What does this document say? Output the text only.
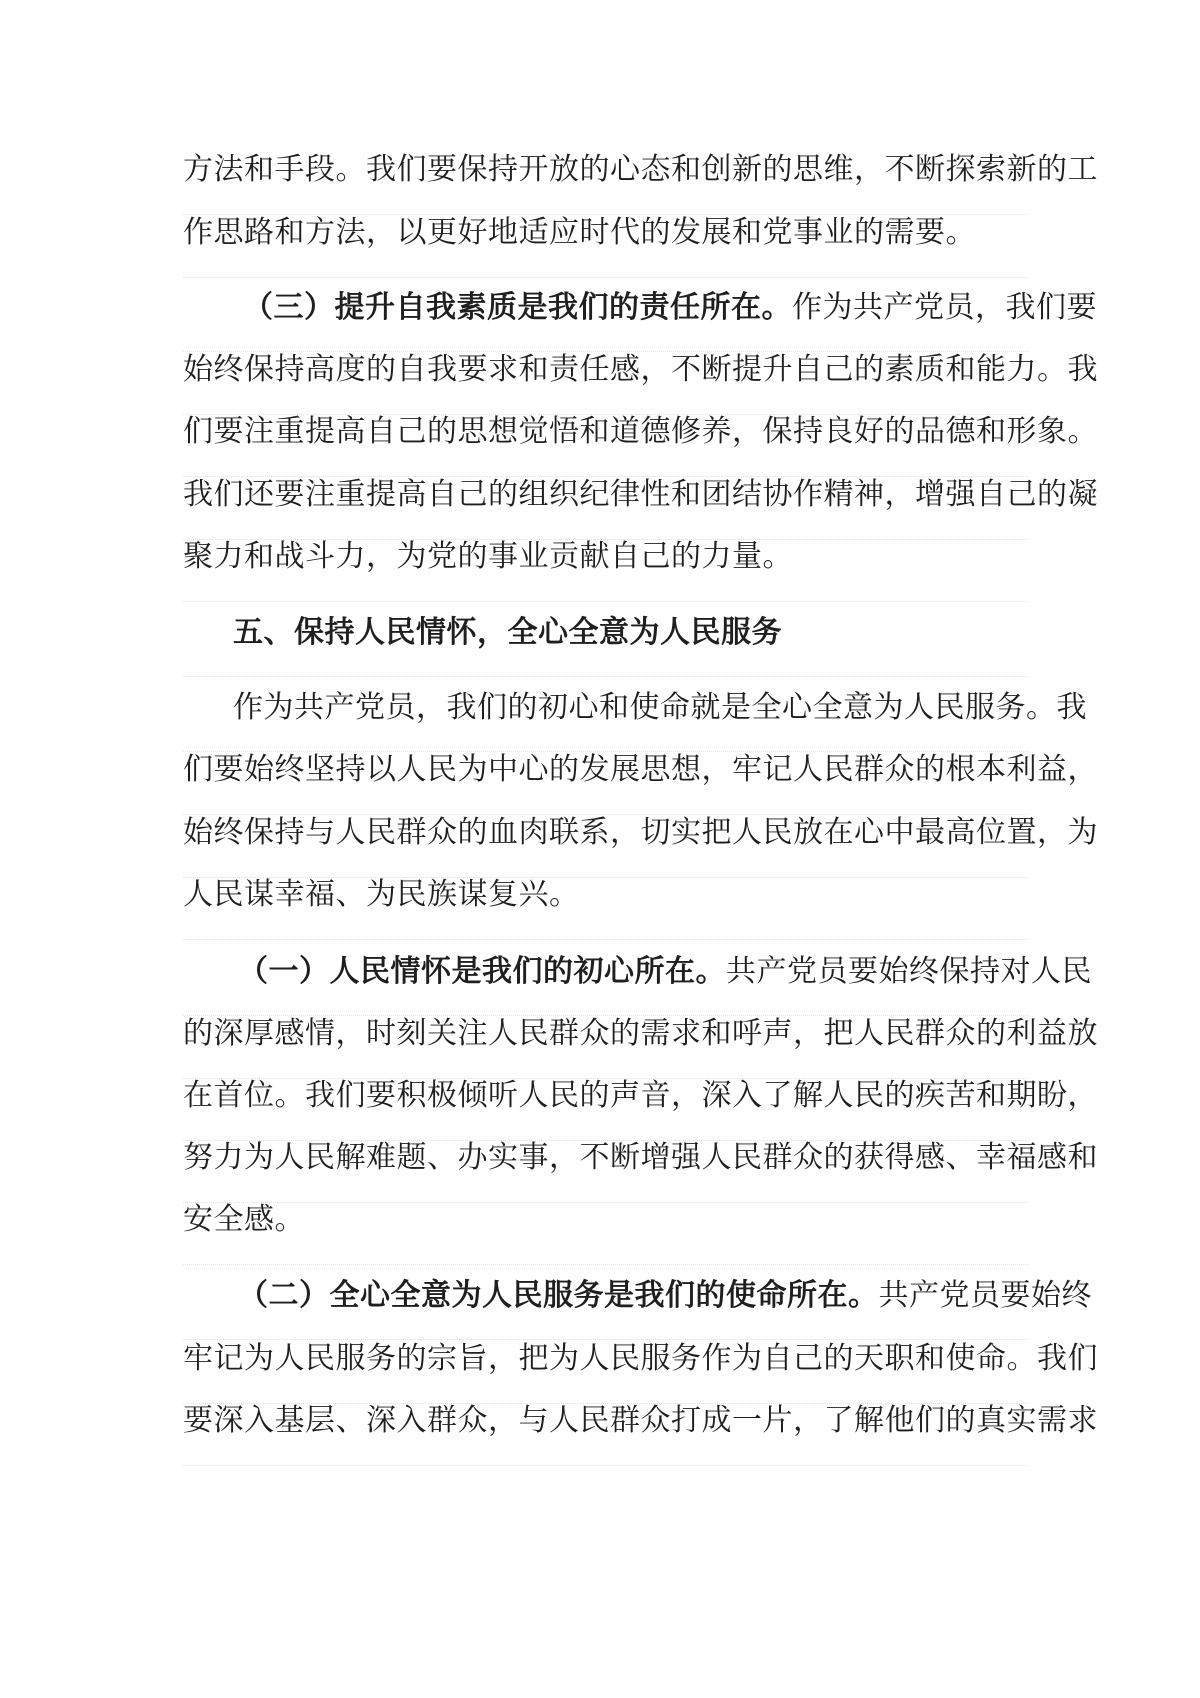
方法和手段。我们要保持开放的心态和创新的思维，不断探索新的工
作思路和方法，以更好地适应时代的发展和党事业的需要。
（三）提升自我素质是我们的责任所在。作为共产党员，我们要
始终保持高度的自我要求和责任感，不断提升自己的素质和能力。我
们要注重提高自己的思想觉悟和道德修养，保持良好的品德和形象。
我们还要注重提高自己的组织纪律性和团结协作精神，增强自己的凝
聚力和战斗力，为党的事业贡献自己的力量。
五、保持人民情怀，全心全意为人民服务
作为共产党员，我们的初心和使命就是全心全意为人民服务。我
们要始终坚持以人民为中心的发展思想，牢记人民群众的根本利益，
始终保持与人民群众的血肉联系，切实把人民放在心中最高位置，为
人民谋幸福、为民族谋复兴。
（一）人民情怀是我们的初心所在。共产党员要始终保持对人民
的深厚感情，时刻关注人民群众的需求和呼声，把人民群众的利益放
在首位。我们要积极倾听人民的声音，深入了解人民的疾苦和期盼，
努力为人民解难题、办实事，不断增强人民群众的获得感、幸福感和
安全感。
（二）全心全意为人民服务是我们的使命所在。共产党员要始终
牢记为人民服务的宗旨，把为人民服务作为自己的天职和使命。我们
要深入基层、深入群众，与人民群众打成一片，了解他们的真实需求
